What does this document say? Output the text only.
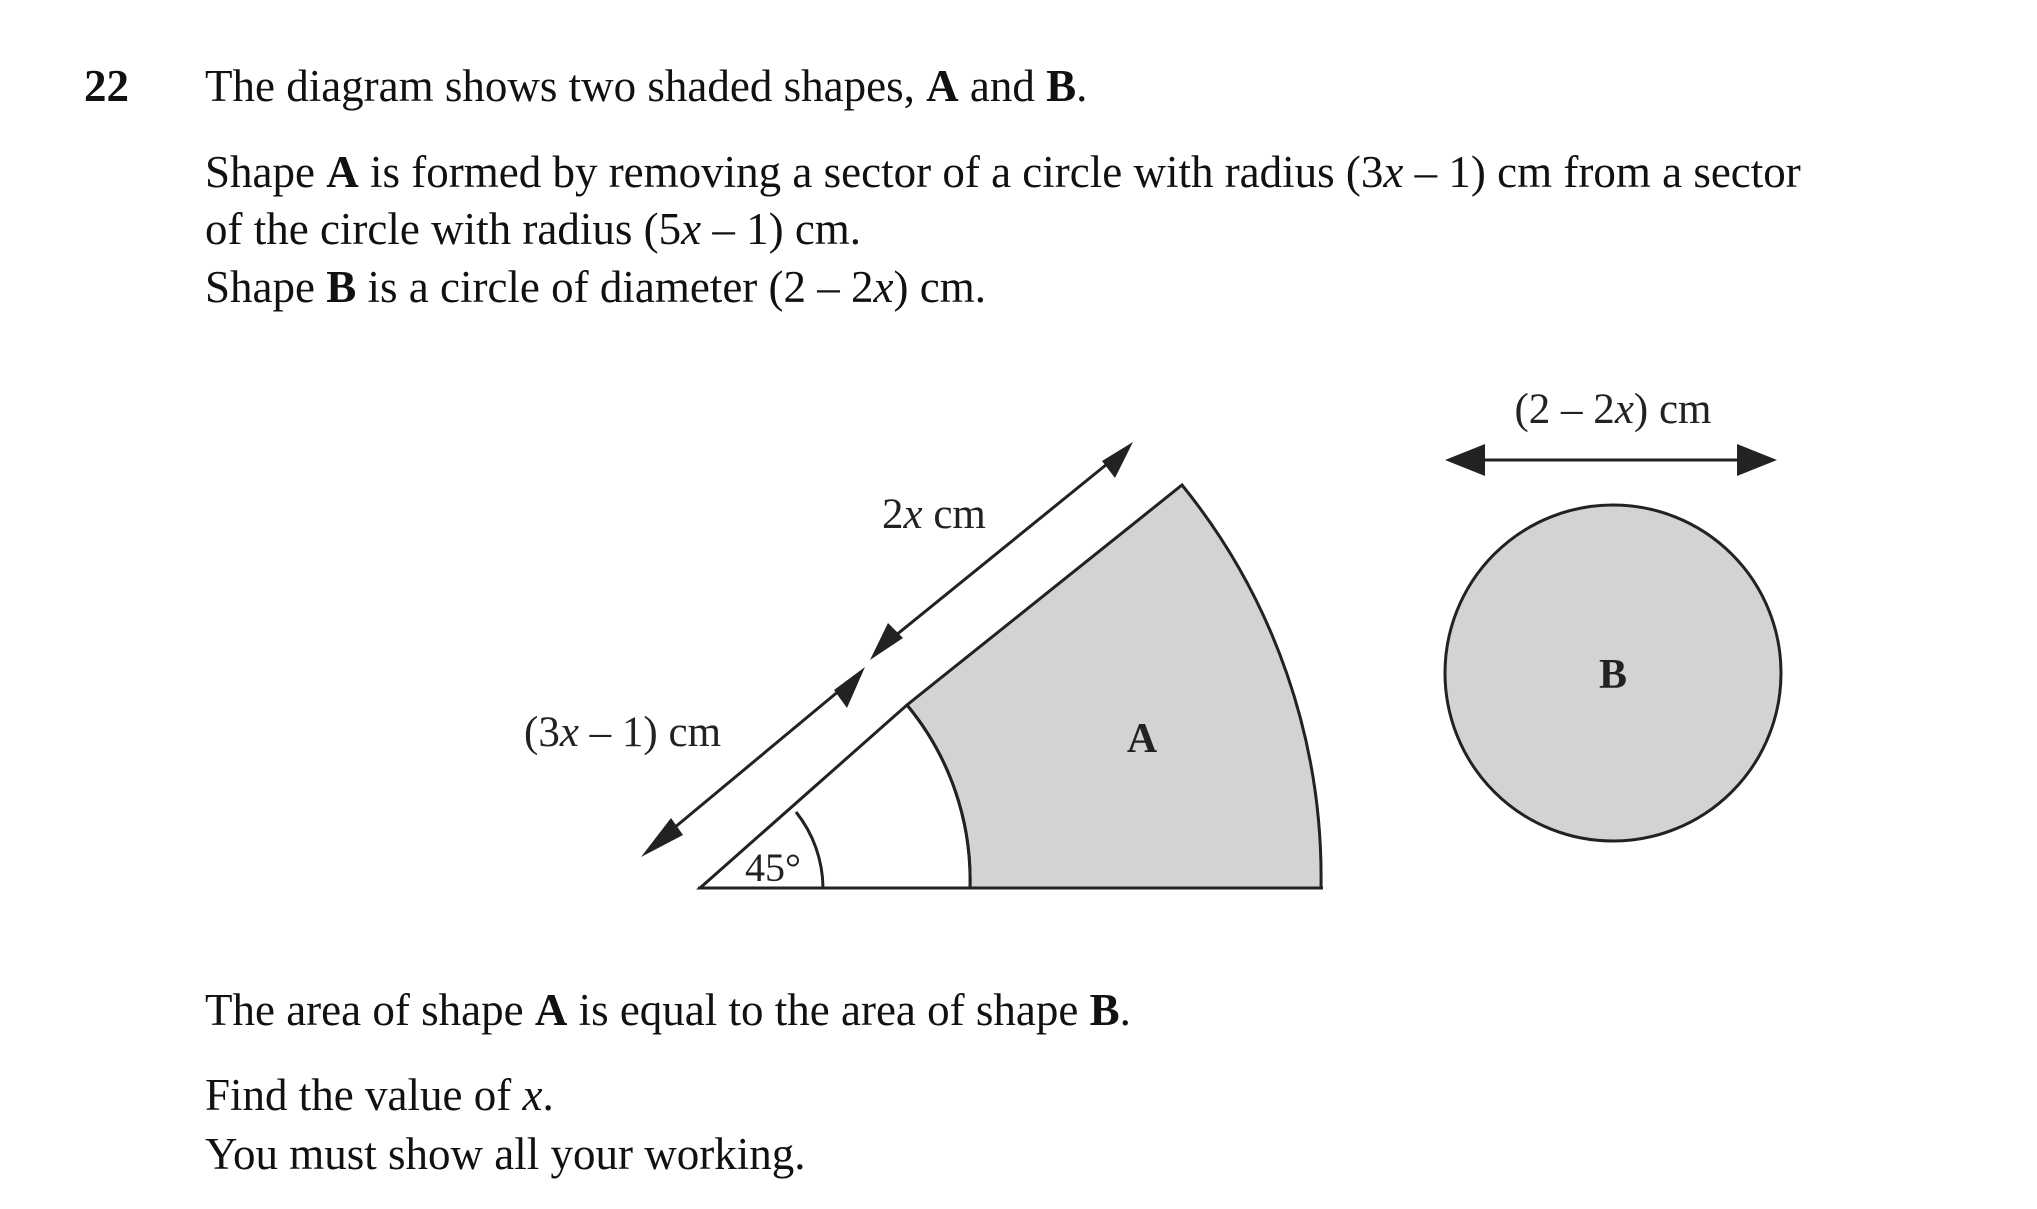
22 The diagram shows two shaded shapes, A and B.
Shape A is formed by removing a sector of a circle with radius (3x – 1) cm from a sector
of the circle with radius (5x – 1) cm.
Shape B is a circle of diameter (2 – 2x) cm.
2x cm
(3x – 1) cm
45°
A
(2 – 2x) cm
B
The area of shape A is equal to the area of shape B.
Find the value of x.
You must show all your working.
